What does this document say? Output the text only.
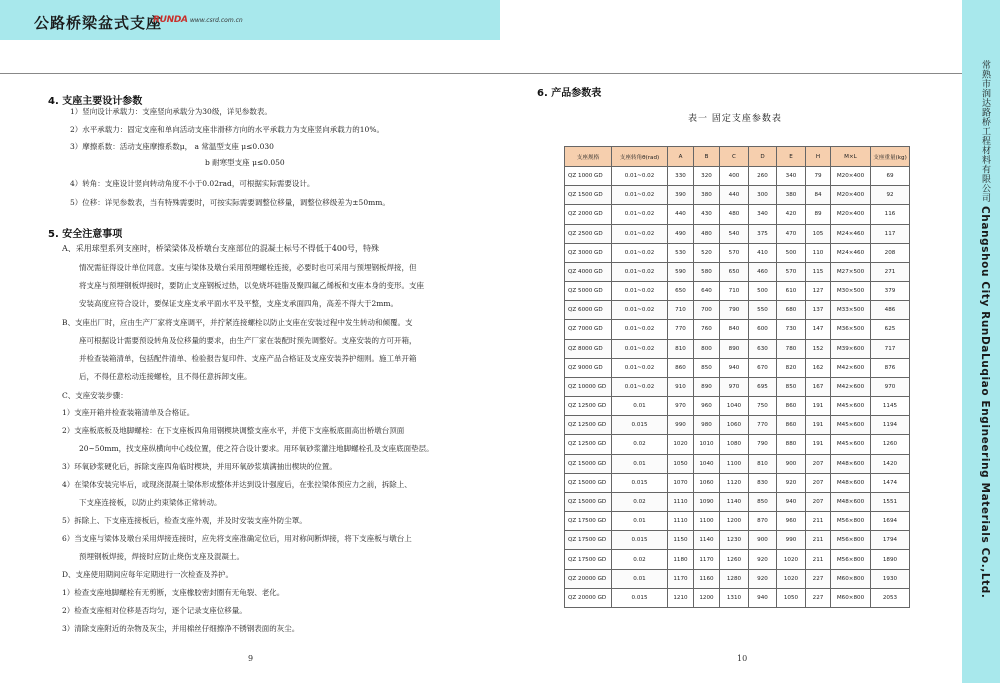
公路桥梁盆式支座
RUNDA www.csrd.com.cn
常熟市润达路桥工程材料有限公司 Changshou City RunDaLuqiao Engineering Materials Co.,Ltd.
4. 支座主要设计参数
1）竖向设计承载力：支座竖向承载分为30级，详见参数表。
2）水平承载力：固定支座和单向活动支座非滑移方向的水平承载力为支座竖向承载力的10%。
3）摩擦系数：活动支座摩擦系数μ， a 常温型支座 μ≤0.030
b 耐寒型支座 μ≤0.050
4）转角：支座设计竖向转动角度不小于0.02rad，可根据实际需要设计。
5）位移：详见参数表，当有特殊需要时，可按实际需要调整位移量，调整位移级差为±50mm。
5. 安全注意事项
A、采用球型系列支座时，桥梁梁体及桥墩台支座部位的混凝土标号不得低于400号，特殊
情况需征得设计单位同意。支座与梁体及墩台采用预埋螺栓连接，必要时也可采用与预埋钢板焊接，但
将支座与预埋钢板焊接时，要防止支座钢板过热，以免烧坏硅脂及聚四氟乙烯板和支座本身的变形。支座
安装高度应符合设计，要保证支座支承平面水平及平整，支座支承面四角，高差不得大于2mm。
B、支座出厂时，应由生产厂家将支座调平，并拧紧连接螺栓以防止支座在安装过程中发生转动和倾覆。支
座可根据设计需要预设转角及位移量的要求，由生产厂家在装配时预先调整好。支座安装的方可开箱，
并检查装箱清单，包括配件清单、检验报告复印件、支座产品合格证及支座安装养护细则。施工单开箱
后，不得任意松动连接螺栓，且不得任意拆卸支座。
C、支座安装步骤：
1）支座开箱并检查装箱清单及合格证。
2）支座板底板及地脚螺栓：在下支座板四角用钢楔块调整支座水平，并使下支座板底面高出桥墩台顶面
20~50mm，找支座纵横向中心线位置，使之符合设计要求。用环氧砂浆灌注地脚螺栓孔及支座底面垫层。
3）环氧砂浆硬化后，拆除支座四角临时楔块，并用环氧砂浆填满抽出楔块的位置。
4）在梁体安装完毕后，或现浇混凝土梁体形成整体并达到设计强度后，在张拉梁体预应力之前，拆除上、
下支座连接板，以防止约束梁体正常转动。
5）拆除上、下支座连接板后，检查支座外观，并及时安装支座外防尘罩。
6）当支座与梁体及墩台采用焊接连接时，应先将支座准确定位后，用对称间断焊接，将下支座板与墩台上
预埋钢板焊接，焊接时应防止烧伤支座及混凝土。
D、支座使用期间应每年定期进行一次检查及养护。
1）检查支座地脚螺栓有无剪断，支座橡胶密封圈有无龟裂、老化。
2）检查支座相对位移是否均匀，逐个记录支座位移量。
3）清除支座附近的杂物及灰尘，并用棉丝仔细擦净不锈钢表面的灰尘。
9
6. 产品参数表
表一 固定支座参数表
支座规格	支座转角θ(rad)	A	B	C	D	E	H	M×L	支座重量(kg)
QZ 1000 GD	0.01~0.02	330	320	400	260	340	79	M20×400	69
QZ 1500 GD	0.01~0.02	390	380	440	300	380	84	M20×400	92
QZ 2000 GD	0.01~0.02	440	430	480	340	420	89	M20×400	116
QZ 2500 GD	0.01~0.02	490	480	540	375	470	105	M24×460	117
QZ 3000 GD	0.01~0.02	530	520	570	410	500	110	M24×460	208
QZ 4000 GD	0.01~0.02	590	580	650	460	570	115	M27×500	271
QZ 5000 GD	0.01~0.02	650	640	710	500	610	127	M30×500	379
QZ 6000 GD	0.01~0.02	710	700	790	550	680	137	M33×500	486
QZ 7000 GD	0.01~0.02	770	760	840	600	730	147	M36×500	625
QZ 8000 GD	0.01~0.02	810	800	890	630	780	152	M39×600	717
QZ 9000 GD	0.01~0.02	860	850	940	670	820	162	M42×600	876
QZ 10000 GD	0.01~0.02	910	890	970	695	850	167	M42×600	970
QZ 12500 GD	0.01	970	960	1040	750	860	191	M45×600	1145
QZ 12500 GD	0.015	990	980	1060	770	860	191	M45×600	1194
QZ 12500 GD	0.02	1020	1010	1080	790	880	191	M45×600	1260
QZ 15000 GD	0.01	1050	1040	1100	810	900	207	M48×600	1420
QZ 15000 GD	0.015	1070	1060	1120	830	920	207	M48×600	1474
QZ 15000 GD	0.02	1110	1090	1140	850	940	207	M48×600	1551
QZ 17500 GD	0.01	1110	1100	1200	870	960	211	M56×800	1694
QZ 17500 GD	0.015	1150	1140	1230	900	990	211	M56×800	1794
QZ 17500 GD	0.02	1180	1170	1260	920	1020	211	M56×800	1890
QZ 20000 GD	0.01	1170	1160	1280	920	1020	227	M60×800	1930
QZ 20000 GD	0.015	1210	1200	1310	940	1050	227	M60×800	2053
10
